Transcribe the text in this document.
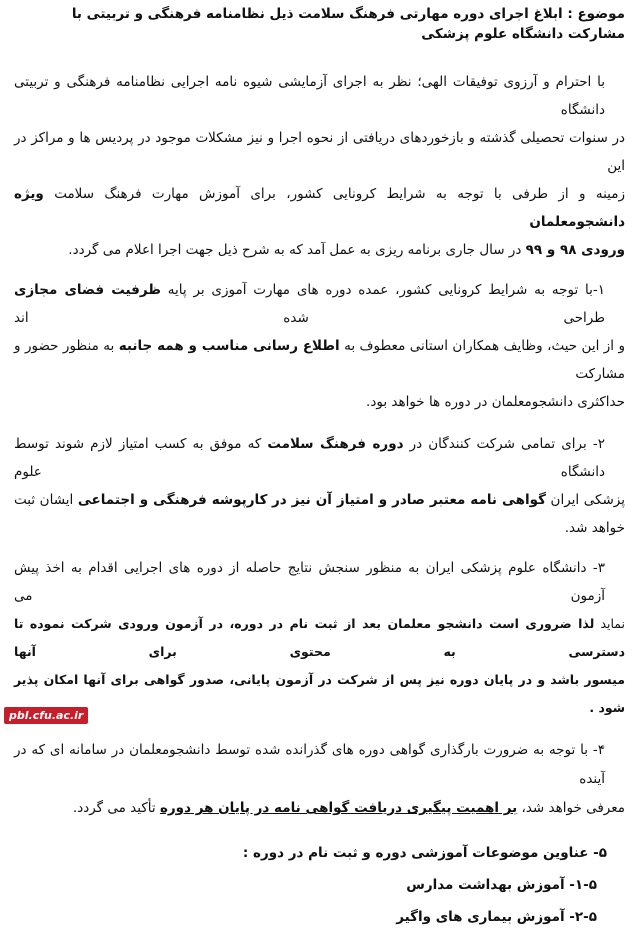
موضوع : ابلاغ اجرای دوره مهارتی فرهنگ سلامت ذیل نظامنامه فرهنگی و تربیتی با مشارکت دانشگاه علوم پزشکی
با احترام و آرزوی توفیقات الهی؛ نظر به اجرای آزمایشی شیوه نامه اجرایی نظامنامه فرهنگی و تربیتی دانشگاه
در سنوات تحصیلی گذشته و بازخوردهای دریافتی از نحوه اجرا و نیز مشکلات موجود در پردیس ها و مراکز در این
زمینه و از طرفی با توجه به شرایط کرونایی کشور، برای آموزش مهارت فرهنگ سلامت ویژه دانشجومعلمان
ورودی ۹۸ و ۹۹ در سال جاری برنامه ریزی به عمل آمد که به شرح ذیل جهت اجرا اعلام می گردد.
۱-با توجه به شرایط کرونایی کشور، عمده دوره های مهارت آموزی بر پایه ظرفیت فضای مجازی طراحی شده اند
و از این حیث، وظایف همکاران استانی معطوف به اطلاع رسانی مناسب و همه جانبه به منظور حضور و مشارکت
حداکثری دانشجومعلمان در دوره ها خواهد بود.
۲- برای تمامی شرکت کنندگان در دوره فرهنگ سلامت که موفق به کسب امتیاز لازم شوند توسط دانشگاه علوم
پزشکی ایران گواهی نامه معتبر صادر و امتیاز آن نیز در کارپوشه فرهنگی و اجتماعی ایشان ثبت خواهد شد.
۳- دانشگاه علوم پزشکی ایران به منظور سنجش نتایج حاصله از دوره های اجرایی اقدام به اخذ پیش آزمون می
نماید لذا ضروری است دانشجو معلمان بعد از ثبت نام در دوره، در آزمون ورودی شرکت نموده تا دسترسی به محتوی برای آنها
میسور باشد و در پایان دوره نیز پس از شرکت در آزمون پایانی، صدور گواهی برای آنها امکان پذیر شود .
۴- با توجه به ضرورت بارگذاری گواهی دوره های گذرانده شده توسط دانشجومعلمان در سامانه ای که در آینده
معرفی خواهد شد، بر اهمیت پیگیری دریافت گواهی نامه در پایان هر دوره تأکید می گردد.
۵- عناوین موضوعات آموزشی دوره و ثبت نام در دوره :
۱-۵- آموزش بهداشت مدارس
۲-۵- آموزش بیماری های واگیر
pbl.cfu.ac.ir
